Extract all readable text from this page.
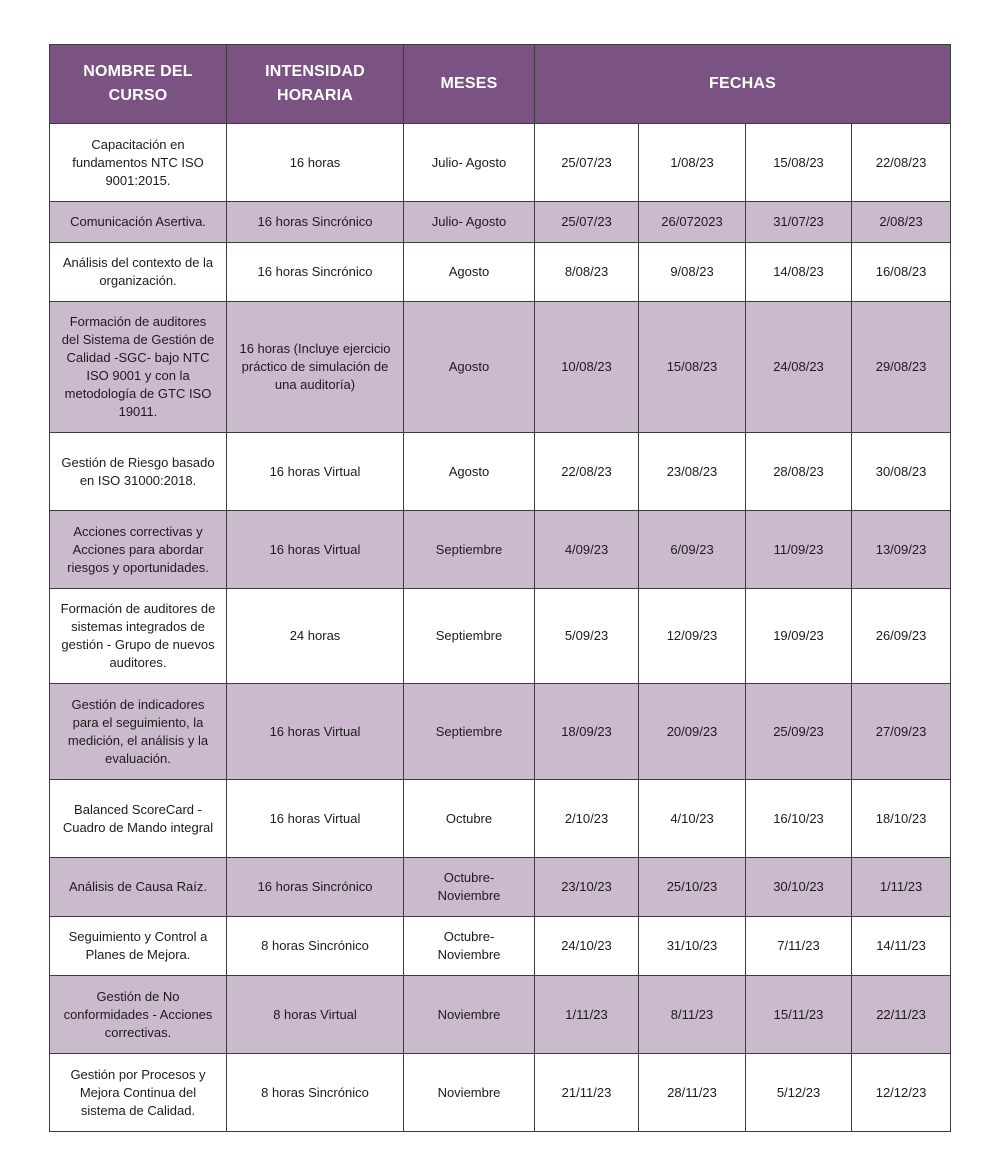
NOMBRE DEL CURSO	INTENSIDAD HORARIA	MESES	FECHAS			
Capacitación en fundamentos NTC ISO 9001:2015.	16 horas	Julio- Agosto	25/07/23	1/08/23	15/08/23	22/08/23
Comunicación Asertiva.	16 horas Sincrónico	Julio- Agosto	25/07/23	26/072023	31/07/23	2/08/23
Análisis del contexto de la organización.	16 horas Sincrónico	Agosto	8/08/23	9/08/23	14/08/23	16/08/23
Formación de auditores del Sistema de Gestión de Calidad -SGC- bajo NTC ISO 9001 y con la metodología de GTC ISO 19011.	16 horas (Incluye ejercicio práctico de simulación de una auditoría)	Agosto	10/08/23	15/08/23	24/08/23	29/08/23
Gestión de Riesgo basado en ISO 31000:2018.	16 horas Virtual	Agosto	22/08/23	23/08/23	28/08/23	30/08/23
Acciones correctivas y Acciones para abordar riesgos y oportunidades.	16 horas Virtual	Septiembre	4/09/23	6/09/23	11/09/23	13/09/23
Formación de auditores de sistemas integrados de gestión - Grupo de nuevos auditores.	24 horas	Septiembre	5/09/23	12/09/23	19/09/23	26/09/23
Gestión de indicadores para el seguimiento, la medición, el análisis y la evaluación.	16 horas Virtual	Septiembre	18/09/23	20/09/23	25/09/23	27/09/23
Balanced ScoreCard - Cuadro de Mando integral	16 horas Virtual	Octubre	2/10/23	4/10/23	16/10/23	18/10/23
Análisis de Causa Raíz.	16 horas Sincrónico	Octubre- Noviembre	23/10/23	25/10/23	30/10/23	1/11/23
Seguimiento y Control a Planes de Mejora.	8 horas Sincrónico	Octubre- Noviembre	24/10/23	31/10/23	7/11/23	14/11/23
Gestión de No conformidades - Acciones correctivas.	8 horas Virtual	Noviembre	1/11/23	8/11/23	15/11/23	22/11/23
Gestión por Procesos y Mejora Continua del sistema de Calidad.	8 horas Sincrónico	Noviembre	21/11/23	28/11/23	5/12/23	12/12/23
